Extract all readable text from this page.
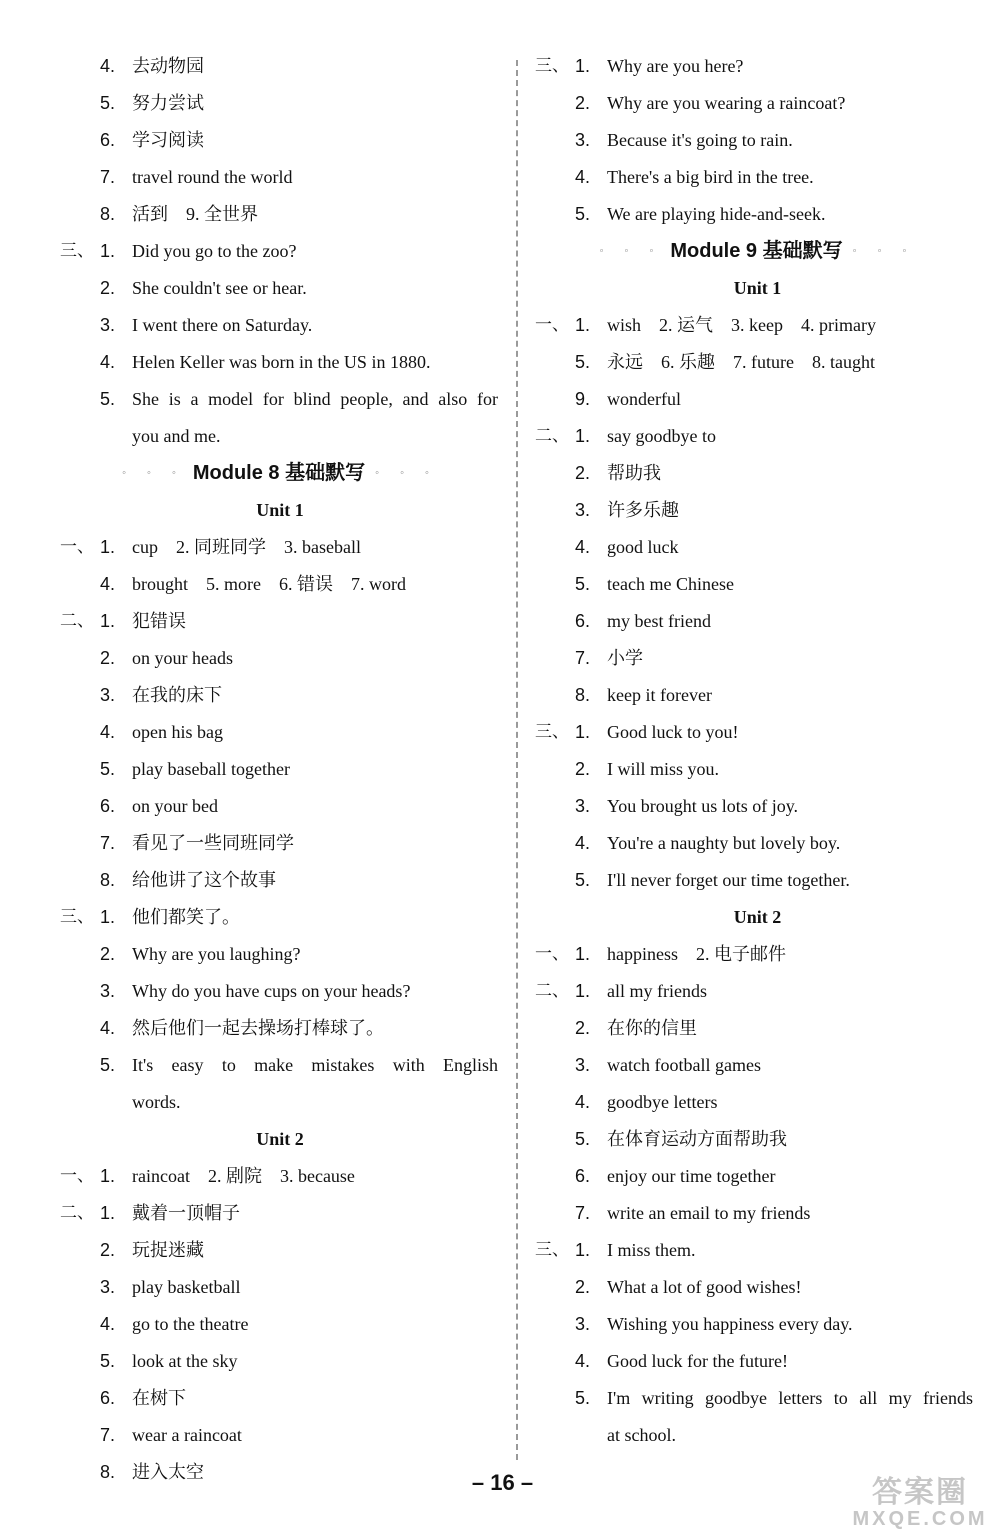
4. 去动物园
5. 努力尝试
6. 学习阅读
7. travel round the world
8. 活到　9. 全世界
三、 1. Did you go to the zoo?
2. She couldn't see or hear.
3. I went there on Saturday.
4. Helen Keller was born in the US in 1880.
5. She is a model for blind people, and also for
you and me.
◦ ◦ ◦ Module 8 基础默写 ◦ ◦ ◦
Unit 1
一、 1. cup　2. 同班同学　3. baseball
4. brought　5. more　6. 错误　7. word
二、 1. 犯错误
2. on your heads
3. 在我的床下
4. open his bag
5. play baseball together
6. on your bed
7. 看见了一些同班同学
8. 给他讲了这个故事
三、 1. 他们都笑了。
2. Why are you laughing?
3. Why do you have cups on your heads?
4. 然后他们一起去操场打棒球了。
5. It's easy to make mistakes with English
words.
Unit 2
一、 1. raincoat　2. 剧院　3. because
二、 1. 戴着一顶帽子
2. 玩捉迷藏
3. play basketball
4. go to the theatre
5. look at the sky
6. 在树下
7. wear a raincoat
8. 进入太空
三、 1. Why are you here?
2. Why are you wearing a raincoat?
3. Because it's going to rain.
4. There's a big bird in the tree.
5. We are playing hide-and-seek.
◦ ◦ ◦ Module 9 基础默写 ◦ ◦ ◦
Unit 1
一、 1. wish　2. 运气　3. keep　4. primary
5. 永远　6. 乐趣　7. future　8. taught
9. wonderful
二、 1. say goodbye to
2. 帮助我
3. 许多乐趣
4. good luck
5. teach me Chinese
6. my best friend
7. 小学
8. keep it forever
三、 1. Good luck to you!
2. I will miss you.
3. You brought us lots of joy.
4. You're a naughty but lovely boy.
5. I'll never forget our time together.
Unit 2
一、 1. happiness　2. 电子邮件
二、 1. all my friends
2. 在你的信里
3. watch football games
4. goodbye letters
5. 在体育运动方面帮助我
6. enjoy our time together
7. write an email to my friends
三、 1. I miss them.
2. What a lot of good wishes!
3. Wishing you happiness every day.
4. Good luck for the future!
5. I'm writing goodbye letters to all my friends
at school.
– 16 –	答案圈
MXQE.COM
